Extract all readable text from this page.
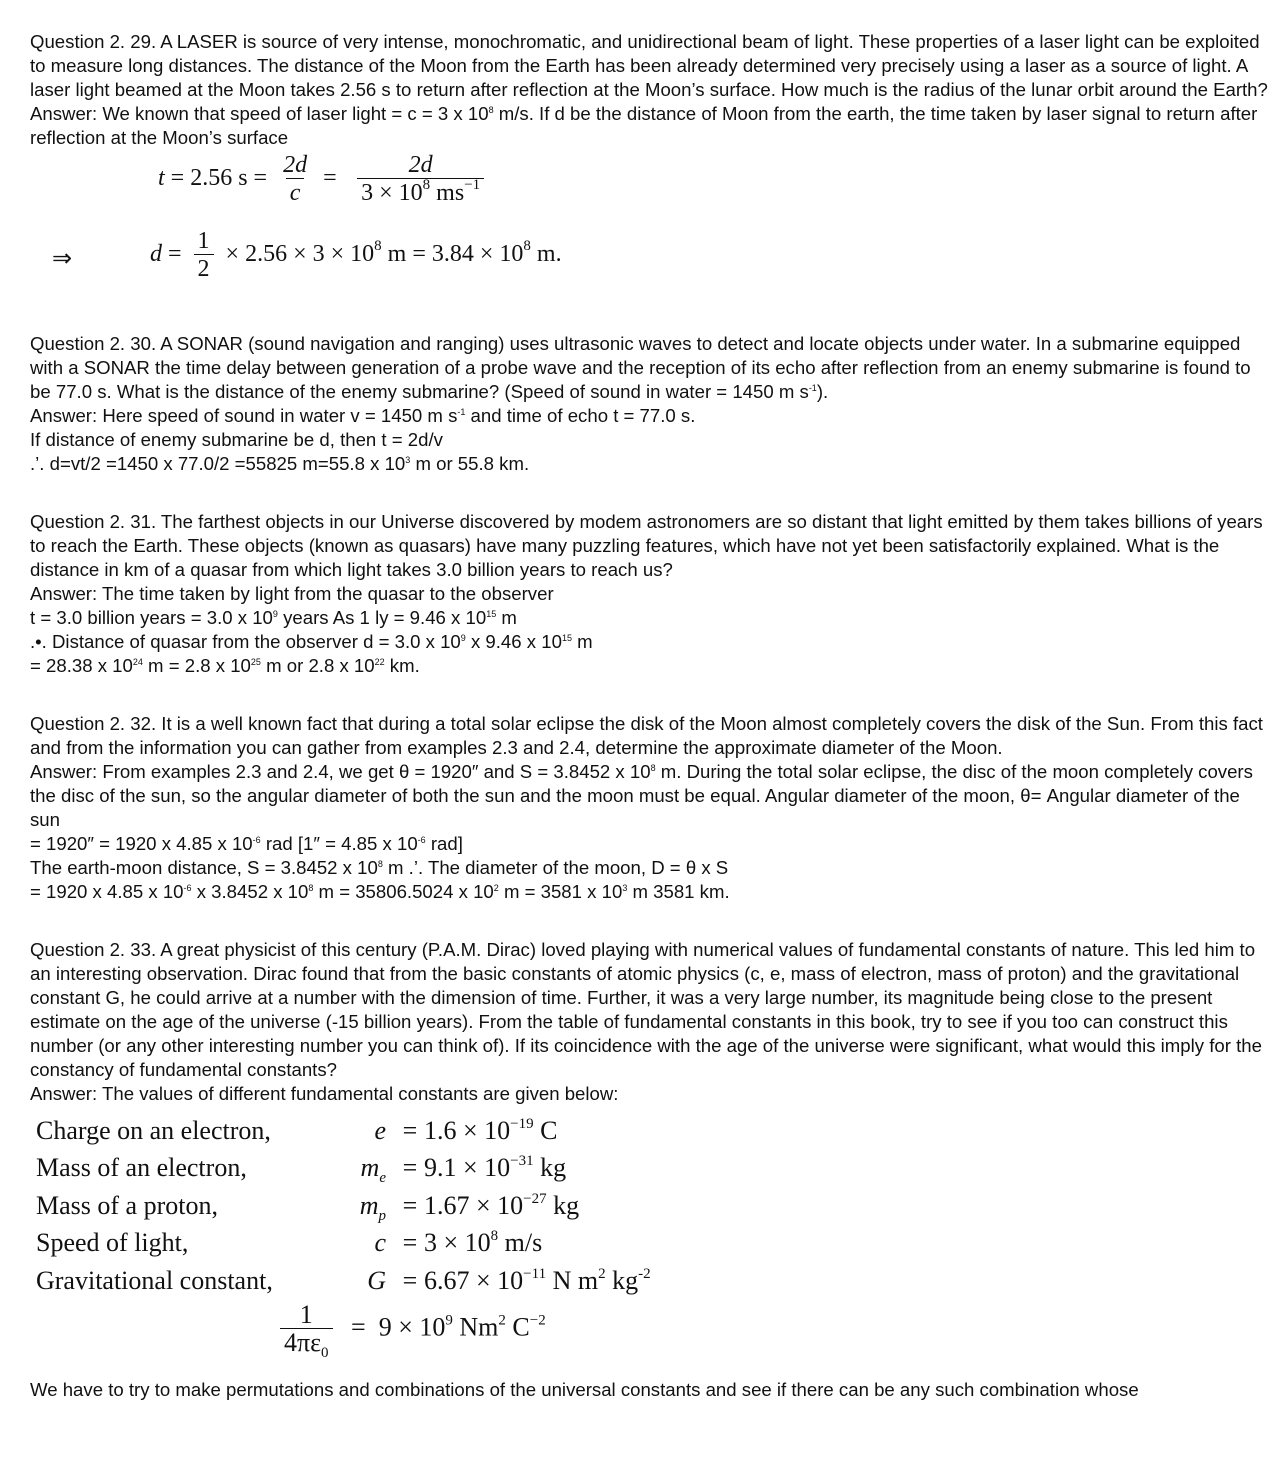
Question 2. 29. A LASER is source of very intense, monochromatic, and unidirectional beam of light. These properties of a laser light can be exploited to measure long distances. The distance of the Moon from the Earth has been already determined very precisely using a laser as a source of light. A laser light beamed at the Moon takes 2.56 s to return after reflection at the Moon’s surface. How much is the radius of the lunar orbit around the Earth?

Answer: We known that speed of laser light = c = 3 x $10^8$ m/s. If d be the distance of Moon from the earth, the time taken by laser signal to return after reflection at the Moon’s surface

t = 2.56 $s = \frac{2d}{c} = \frac{2d}{3 \times 10^8 ms^{-1}}$
⇒	$d = \frac{1}{2} \times 2.56 \times 3 \times 10^8$ $m = 3.84 \times 10^8$ m.

Question 2. 30. A SONAR (sound navigation and ranging) uses ultrasonic waves to detect and locate objects under water. In a submarine equipped with a SONAR the time delay between generation of a probe wave and the reception of its echo after reflection from an enemy submarine is found to be 77.0 s. What is the distance of the enemy submarine? (Speed of sound in water = 1450 m $s^{-1}$).

Answer: Here speed of sound in water v = 1450 m $s^{-1}$ and time of echo t = 77.0 s.

If distance of enemy submarine be d, then t = 2d/v

.’. d=vt/2 =1450 x 77.0/2 =55825 m=55.8 x $10^3$ m or 55.8 km.

Question 2. 31. The farthest objects in our Universe discovered by modem astronomers are so distant that light emitted by them takes billions of years to reach the Earth. These objects (known as quasars) have many puzzling features, which have not yet been satisfactorily explained. What is the distance in km of a quasar from which light takes 3.0 billion years to reach us?

Answer: The time taken by light from the quasar to the observer

t = 3.0 billion years = 3.0 x $10^9$ years As 1 ly = 9.46 x $10^{15}$ m

.•. Distance of quasar from the observer d = 3.0 x $10^9$ x 9.46 x $10^{15}$ m

= 28.38 x $10^{24}$ m = 2.8 x $10^{25}$ m or 2.8 x $10^{22}$ km.

Question 2. 32. It is a well known fact that during a total solar eclipse the disk of the Moon almost completely covers the disk of the Sun. From this fact and from the information you can gather from examples 2.3 and 2.4, determine the approximate diameter of the Moon.

Answer: From examples 2.3 and 2.4, we get θ = 1920″ and S = 3.8452 x $10^8$ m. During the total solar eclipse, the disc of the moon completely covers the disc of the sun, so the angular diameter of both the sun and the moon must be equal. Angular diameter of the moon, θ= Angular diameter of the sun

= 1920″ = 1920 x 4.85 x $10^{-6}$ rad [1″ = 4.85 x $10^{-6}$ rad]

The earth-moon distance, S = 3.8452 x $10^8$ m .’. The diameter of the moon, D = θ x S

= 1920 x 4.85 x $10^{-6}$ x 3.8452 x $10^8$ m = 35806.5024 x $10^2$ m = 3581 x $10^3$ m 3581 km.

Question 2. 33. A great physicist of this century (P.A.M. Dirac) loved playing with numerical values of fundamental constants of nature. This led him to an interesting observation. Dirac found that from the basic constants of atomic physics (c, e, mass of electron, mass of proton) and the gravitational constant G, he could arrive at a number with the dimension of time. Further, it was a very large number, its magnitude being close to the present estimate on the age of the universe (-15 billion years). From the table of fundamental constants in this book, try to see if you too can construct this number (or any other interesting number you can think of). If its coincidence with the age of the universe were significant, what would this imply for the constancy of fundamental constants?

Answer: The values of different fundamental constants are given below:

Charge on an electron,	e	=	$1.6 \times 10^{-19}$ C
Mass of an electron,	$m_e$	=	$9.1 \times 10^{-31}$ kg
Mass of a proton,	$m_p$	=	$1.67 \times 10^{-27}$ kg
Speed of light,	c	=	$3 \times 10^8$ m/s
Gravitational constant,	G	=	$6.67 \times 10^{-11}$ N $m^2$ $kg^{-2}$
$\frac{1}{4\pi\varepsilon_0} = 9 \times 10^9$ Nm$^2$ $C^{-2}$

We have to try to make permutations and combinations of the universal constants and see if there can be any such combination whose
